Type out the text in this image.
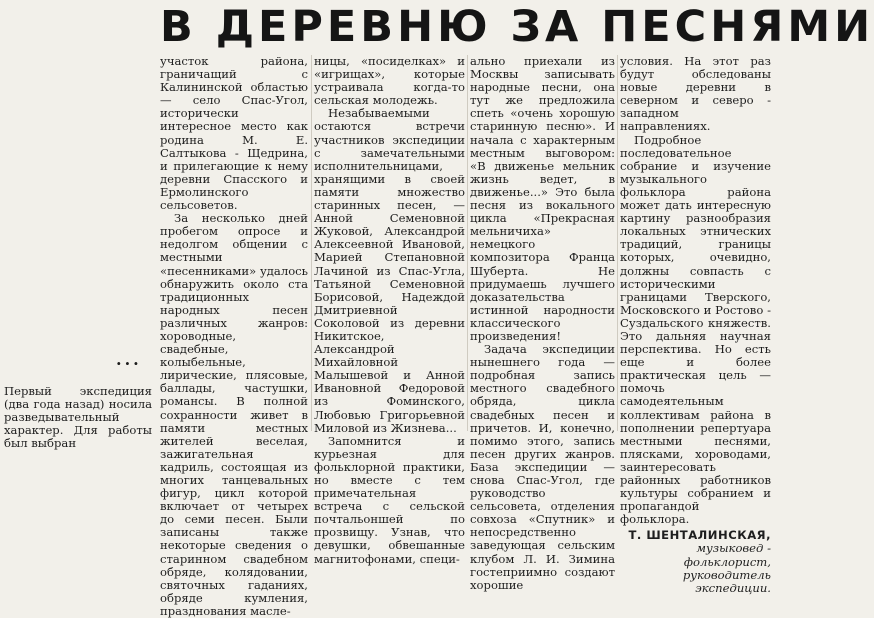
В ДЕРЕВНЮ ЗА ПЕСНЯМИ
...
Первый экспедиция (два года назад) носила разведывательный характер. Для работы был выбран

участок района, граничащий с Калининской областью — село Спас-Угол, исторически интересное место как родина М. Е. Салтыкова - Щедрина, и прилегающие к нему деревни Спасского и Ермолинского сельсоветов.

За несколько дней пробегом опросе и недолгом общении с местными «песенниками» удалось обнаружить около ста традиционных народных песен различных жанров: хороводные, свадебные, колыбельные, лирические, плясовые, баллады, частушки, романсы. В полной сохранности живет в памяти местных жителей веселая, зажигательная кадриль, состоящая из многих танцевальных фигур, цикл которой включает от четырех до семи песен. Были записаны также некоторые сведения о старинном свадебном обряде, колядовании, святочных гаданиях, обряде кумления, празднования масле-

ницы, «посиделках» и «игрищах», которые устраивала когда-то сельская молодежь.

Незабываемыми остаются встречи участников экспедиции с замечательными исполнительницами, хранящими в своей памяти множество старинных песен, — Анной Семеновной Жуковой, Александрой Алексеевной Ивановой, Марией Степановной Лачиной из Спас-Угла, Татьяной Семеновной Борисовой, Надеждой Дмитриевной Соколовой из деревни Никитское, Александрой Михайловной Малышевой и Анной Ивановной Федоровой из Фоминского, Любовью Григорьевной Миловой из Жизнева...

Запомнится и курьезная для фольклорной практики, но вместе с тем примечательная встреча с сельской почтальоншей по прозвищу. Узнав, что девушки, обвешанные магнитофонами, специ-

ально приехали из Москвы записывать народные песни, она тут же предложила спеть «очень хорошую старинную песню». И начала с характерным местным выговором: «В движенье мельник жизнь ведет, в движенье...» Это была песня из вокального цикла «Прекрасная мельничиха» немецкого композитора Франца Шуберта. Не придумаешь лучшего доказательства истинной народности классического произведения!

Задача экспедиции нынешнего года — подробная запись местного свадебного обряда, цикла свадебных песен и причетов. И, конечно, помимо этого, запись песен других жанров. База экспедиции — снова Спас-Угол, где руководство сельсовета, отделения совхоза «Спутник» и непосредственно заведующая сельским клубом Л. И. Зимина гостеприимно создают хорошие

условия. На этот раз будут обследованы новые деревни в северном и северо - западном направлениях.

Подробное последовательное собрание и изучение музыкального фольклора района может дать интересную картину разнообразия локальных этнических традиций, границы которых, очевидно, должны совпасть с историческими границами Тверского, Московского и Ростово - Суздальского княжеств. Это дальняя научная перспектива. Но есть еще и более практическая цель — помочь самодеятельным коллективам района в пополнении репертуара местными песнями, плясками, хороводами, заинтересовать районных работников культуры собранием и пропагандой фольклора.

Т. ШЕНТАЛИНСКАЯ, музыковед - фольклорист, руководитель экспедиции.
